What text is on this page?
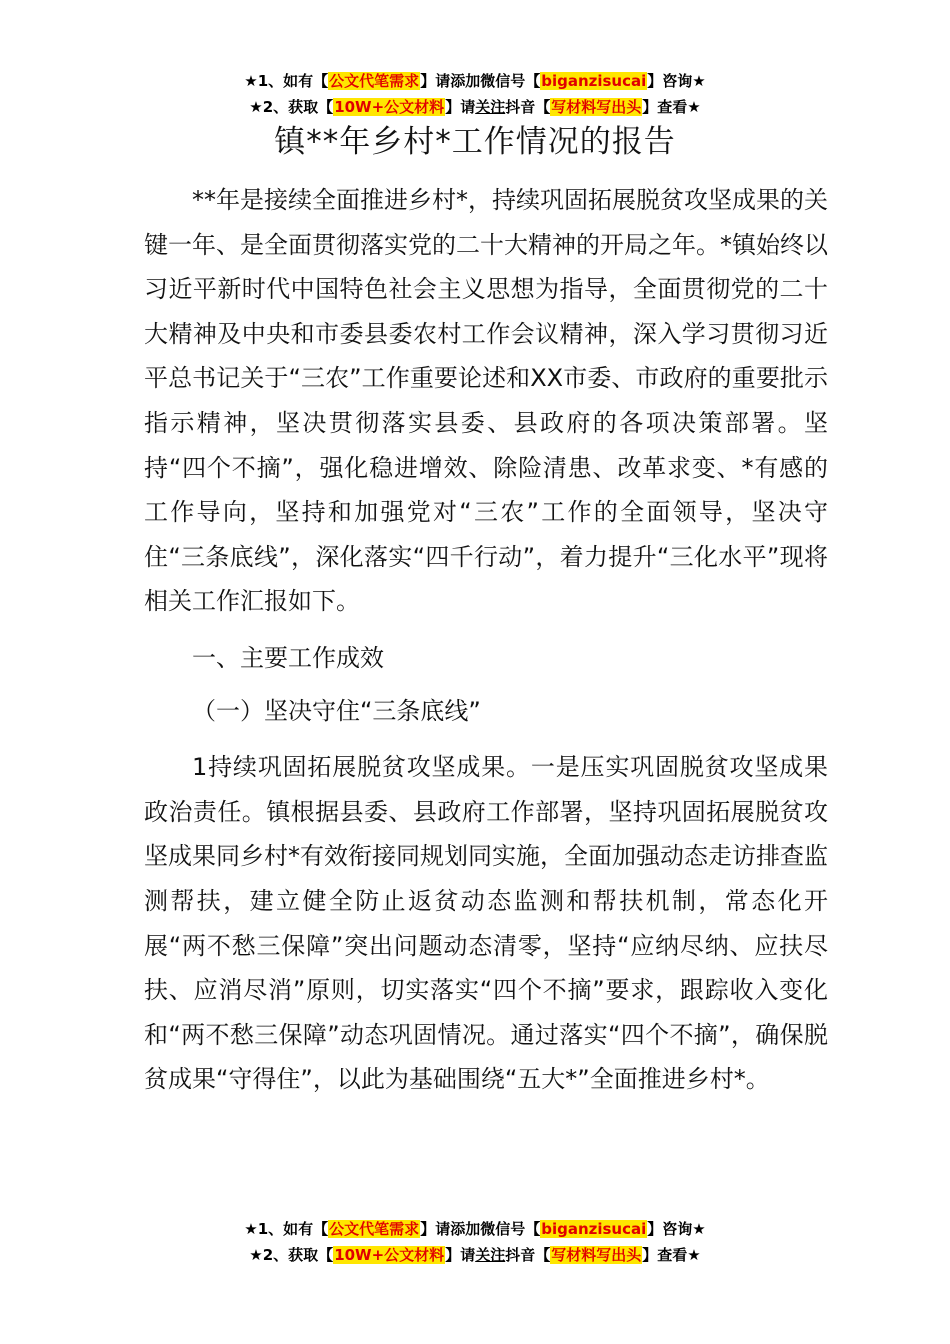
★1、如有【公文代笔需求】请添加微信号【biganzisucai】咨询★
★2、获取【10W+公文材料】请关注抖音【写材料写出头】查看★
镇**年乡村*工作情况的报告

**年是接续全面推进乡村*，持续巩固拓展脱贫攻坚成果的关键一年、是全面贯彻落实党的二十大精神的开局之年。*镇始终以习近平新时代中国特色社会主义思想为指导，全面贯彻党的二十大精神及中央和市委县委农村工作会议精神，深入学习贯彻习近平总书记关于“三农”工作重要论述和XX市委、市政府的重要批示指示精神，坚决贯彻落实县委、县政府的各项决策部署。坚持“四个不摘”，强化稳进增效、除险清患、改革求变、*有感的工作导向，坚持和加强党对“三农”工作的全面领导，坚决守住“三条底线”，深化落实“四千行动”，着力提升“三化水平”现将相关工作汇报如下。

一、主要工作成效

（一）坚决守住“三条底线”

1持续巩固拓展脱贫攻坚成果。一是压实巩固脱贫攻坚成果政治责任。镇根据县委、县政府工作部署，坚持巩固拓展脱贫攻坚成果同乡村*有效衔接同规划同实施，全面加强动态走访排查监测帮扶，建立健全防止返贫动态监测和帮扶机制，常态化开展“两不愁三保障”突出问题动态清零，坚持“应纳尽纳、应扶尽扶、应消尽消”原则，切实落实“四个不摘”要求，跟踪收入变化和“两不愁三保障”动态巩固情况。通过落实“四个不摘”，确保脱贫成果“守得住”，以此为基础围绕“五大*”全面推进乡村*。

★1、如有【公文代笔需求】请添加微信号【biganzisucai】咨询★
★2、获取【10W+公文材料】请关注抖音【写材料写出头】查看★
